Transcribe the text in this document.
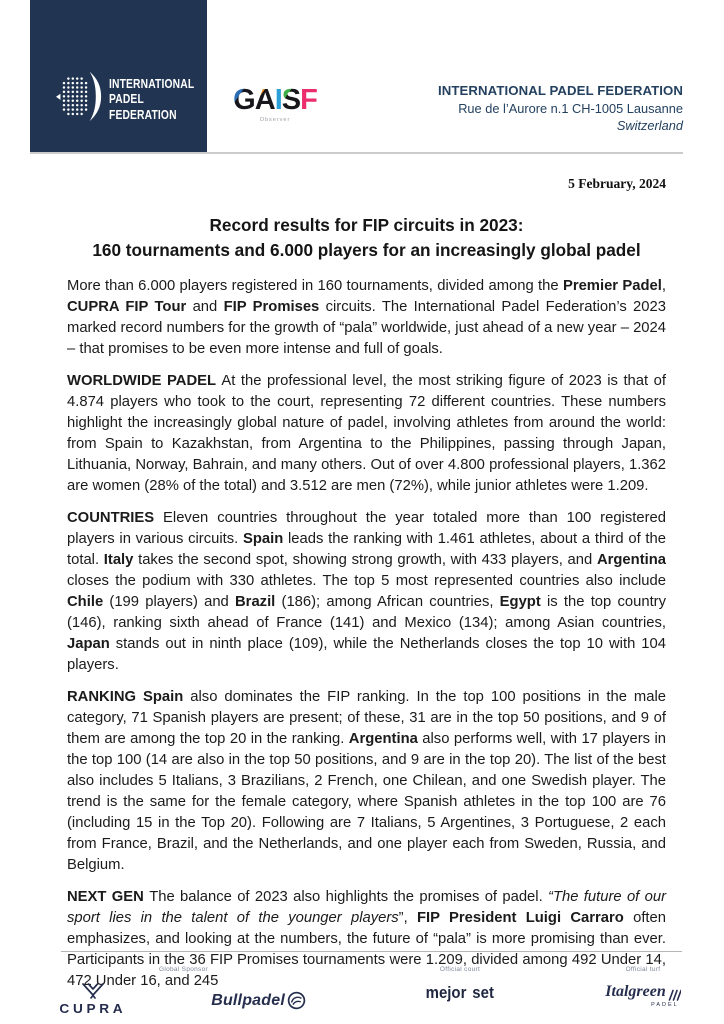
INTERNATIONAL
PADEL
FEDERATION	GAISF
Observer
INTERNATIONAL PADEL FEDERATION
Rue de l’Aurore n.1 CH-1005 Lausanne
Switzerland
5 February, 2024
Record results for FIP circuits in 2023:
160 tournaments and 6.000 players for an increasingly global padel

More than 6.000 players registered in 160 tournaments, divided among the Premier Padel, CUPRA FIP Tour and FIP Promises circuits. The International Padel Federation’s 2023 marked record numbers for the growth of “pala” worldwide, just ahead of a new year – 2024 – that promises to be even more intense and full of goals.

WORLDWIDE PADEL At the professional level, the most striking figure of 2023 is that of 4.874 players who took to the court, representing 72 different countries. These numbers highlight the increasingly global nature of padel, involving athletes from around the world: from Spain to Kazakhstan, from Argentina to the Philippines, passing through Japan, Lithuania, Norway, Bahrain, and many others. Out of over 4.800 professional players, 1.362 are women (28% of the total) and 3.512 are men (72%), while junior athletes were 1.209.

COUNTRIES Eleven countries throughout the year totaled more than 100 registered players in various circuits. Spain leads the ranking with 1.461 athletes, about a third of the total. Italy takes the second spot, showing strong growth, with 433 players, and Argentina closes the podium with 330 athletes. The top 5 most represented countries also include Chile (199 players) and Brazil (186); among African countries, Egypt is the top country (146), ranking sixth ahead of France (141) and Mexico (134); among Asian countries, Japan stands out in ninth place (109), while the Netherlands closes the top 10 with 104 players.

RANKING Spain also dominates the FIP ranking. In the top 100 positions in the male category, 71 Spanish players are present; of these, 31 are in the top 50 positions, and 9 of them are among the top 20 in the ranking. Argentina also performs well, with 17 players in the top 100 (14 are also in the top 50 positions, and 9 are in the top 20). The list of the best also includes 5 Italians, 3 Brazilians, 2 French, one Chilean, and one Swedish player. The trend is the same for the female category, where Spanish athletes in the top 100 are 76 (including 15 in the Top 20). Following are 7 Italians, 5 Argentines, 3 Portuguese, 2 each from France, Brazil, and the Netherlands, and one player each from Sweden, Russia, and Belgium.

NEXT GEN The balance of 2023 also highlights the promises of padel. “The future of our sport lies in the talent of the younger players”, FIP President Luigi Carraro often emphasizes, and looking at the numbers, the future of “pala” is more promising than ever. Participants in the 36 FIP Promises tournaments were 1.209, divided among 492 Under 14, 472 Under 16, and 245

Global Sponsor
CUPRA	Bullpadel
Official court
mejor set
Official turf
Italgreen
PADEL
